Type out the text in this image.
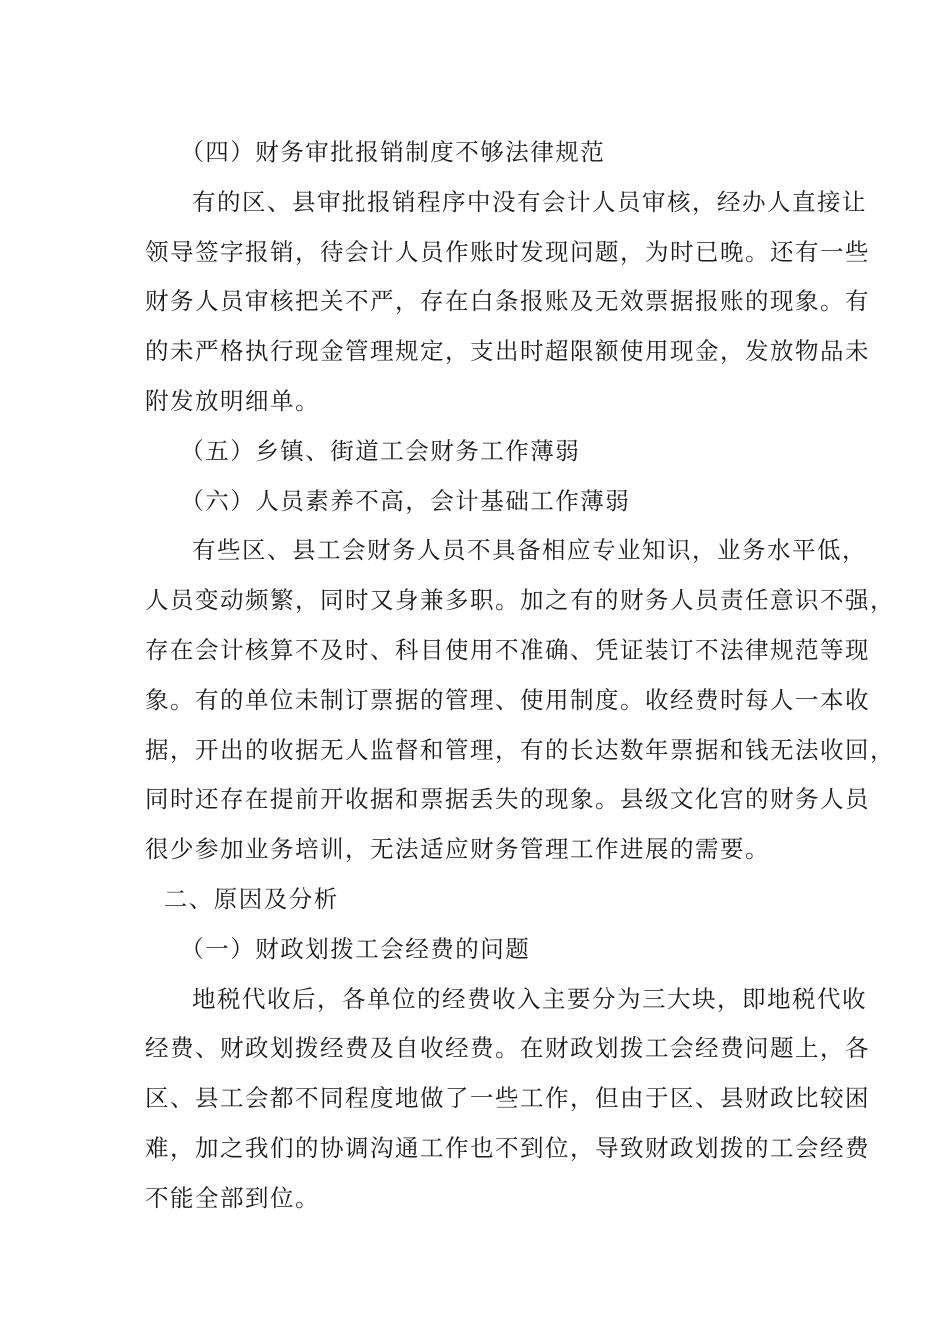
（四）财务审批报销制度不够法律规范

有的区、县审批报销程序中没有会计人员审核，经办人直接让
领导签字报销，待会计人员作账时发现问题，为时已晚。还有一些
财务人员审核把关不严，存在白条报账及无效票据报账的现象。有
的未严格执行现金管理规定，支出时超限额使用现金，发放物品未
附发放明细单。

（五）乡镇、街道工会财务工作薄弱

（六）人员素养不高，会计基础工作薄弱

有些区、县工会财务人员不具备相应专业知识，业务水平低，
人员变动频繁，同时又身兼多职。加之有的财务人员责任意识不强，
存在会计核算不及时、科目使用不准确、凭证装订不法律规范等现
象。有的单位未制订票据的管理、使用制度。收经费时每人一本收
据，开出的收据无人监督和管理，有的长达数年票据和钱无法收回，
同时还存在提前开收据和票据丢失的现象。县级文化宫的财务人员
很少参加业务培训，无法适应财务管理工作进展的需要。

二、原因及分析

（一）财政划拨工会经费的问题

地税代收后，各单位的经费收入主要分为三大块，即地税代收
经费、财政划拨经费及自收经费。在财政划拨工会经费问题上，各
区、县工会都不同程度地做了一些工作，但由于区、县财政比较困
难，加之我们的协调沟通工作也不到位，导致财政划拨的工会经费
不能全部到位。
